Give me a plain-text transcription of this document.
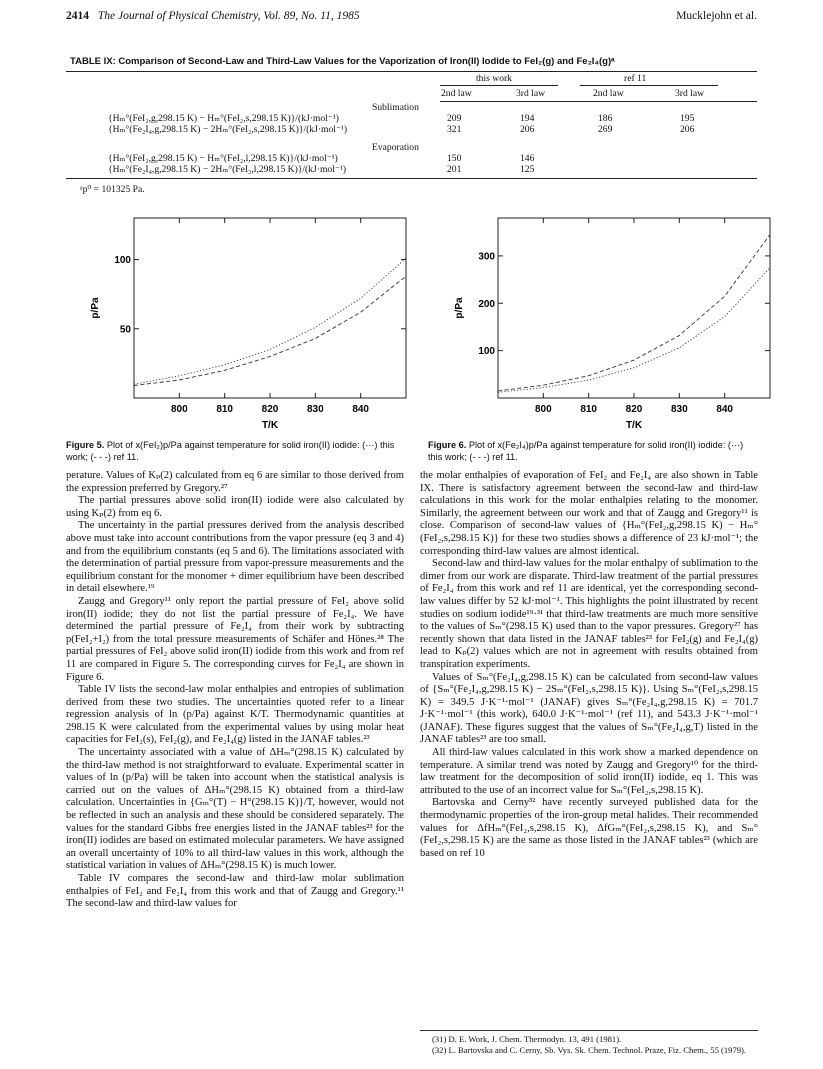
2414 The Journal of Physical Chemistry, Vol. 89, No. 11, 1985	Mucklejohn et al.
TABLE IX: Comparison of Second-Law and Third-Law Values for the Vaporization of Iron(II) Iodide to FeI₂(g) and Fe₂I₄(g)ᵃ
this work	ref 11
2nd law	3rd law	2nd law	3rd law
Sublimation
{Hₘ°(FeI₂,g,298.15 K) − Hₘ°(FeI₂,s,298.15 K)}/(kJ·mol⁻¹)	209	194	186	195
{Hₘ°(Fe₂I₄,g,298.15 K) − 2Hₘ°(FeI₂,s,298.15 K)}/(kJ·mol⁻¹)	321	206	269	206
Evaporation
{Hₘ°(FeI₂,g,298.15 K) − Hₘ°(FeI₂,l,298.15 K)}/(kJ·mol⁻¹)	150	146
{Hₘ°(Fe₂I₄,g,298.15 K) − 2Hₘ°(FeI₂,l,298.15 K)}/(kJ·mol⁻¹)	201	125
ᵃp⁰ = 101325 Pa.
800	810	820	830	840
50
100
p/Pa
T/K
Figure 5. Plot of x(FeI₂)p/Pa against temperature for solid iron(II) iodide: (···) this work; (- - -) ref 11.
800	810	820	830	840
100
200
300
p/Pa
T/K
Figure 6. Plot of x(Fe₂I₄)p/Pa against temperature for solid iron(II) iodide: (···) this work; (- - -) ref 11.

perature. Values of Kₚ(2) calculated from eq 6 are similar to those derived from the expression preferred by Gregory.²⁷

The partial pressures above solid iron(II) iodide were also calculated by using Kₚ(2) from eq 6.

The uncertainty in the partial pressures derived from the analysis described above must take into account contributions from the vapor pressure (eq 3 and 4) and from the equilibrium constants (eq 5 and 6). The limitations associated with the determination of partial pressure from vapor-pressure measurements and the equilibrium constant for the monomer + dimer equilibrium have been described in detail elsewhere.¹⁹

Zaugg and Gregory¹¹ only report the partial pressure of FeI₂ above solid iron(II) iodide; they do not list the partial pressure of Fe₂I₄. We have determined the partial pressure of Fe₂I₄ from their work by subtracting p(FeI₂+I₂) from the total pressure measurements of Schäfer and Hönes.²⁸ The partial pressures of FeI₂ above solid iron(II) iodide from this work and from ref 11 are compared in Figure 5. The corresponding curves for Fe₂I₄ are shown in Figure 6.

Table IV lists the second-law molar enthalpies and entropies of sublimation derived from these two studies. The uncertainties quoted refer to a linear regression analysis of ln (p/Pa) against K/T. Thermodynamic quantities at 298.15 K were calculated from the experimental values by using molar heat capacities for FeI₂(s), FeI₂(g), and Fe₂I₄(g) listed in the JANAF tables.²³

The uncertainty associated with a value of ΔHₘ°(298.15 K) calculated by the third-law method is not straightforward to evaluate. Experimental scatter in values of ln (p/Pa) will be taken into account when the statistical analysis is carried out on the values of ΔHₘ°(298.15 K) obtained from a third-law calculation. Uncertainties in {Gₘ°(T) − H°(298.15 K)}/T, however, would not be reflected in such an analysis and these should be considered separately. The values for the standard Gibbs free energies listed in the JANAF tables²³ for the iron(II) iodides are based on estimated molecular parameters. We have assigned an overall uncertainty of 10% to all third-law values in this work, although the statistical variation in values of ΔHₘ°(298.15 K) is much lower.

Table IV compares the second-law and third-law molar sublimation enthalpies of FeI₂ and Fe₂I₄ from this work and that of Zaugg and Gregory.¹¹ The second-law and third-law values for

the molar enthalpies of evaporation of FeI₂ and Fe₂I₄ are also shown in Table IX. There is satisfactory agreement between the second-law and third-law calculations in this work for the molar enthalpies relating to the monomer. Similarly, the agreement between our work and that of Zaugg and Gregory¹¹ is close. Comparison of second-law values of {Hₘ°(FeI₂,g,298.15 K) − Hₘ°(FeI₂,s,298.15 K)} for these two studies shows a difference of 23 kJ·mol⁻¹; the corresponding third-law values are almost identical.

Second-law and third-law values for the molar enthalpy of sublimation to the dimer from our work are disparate. Third-law treatment of the partial pressures of Fe₂I₄ from this work and ref 11 are identical, yet the corresponding second-law values differ by 52 kJ·mol⁻¹. This highlights the point illustrated by recent studies on sodium iodide¹⁹·³¹ that third-law treatments are much more sensitive to the values of Sₘ°(298.15 K) used than to the vapor pressures. Gregory²⁷ has recently shown that data listed in the JANAF tables²³ for FeI₂(g) and Fe₂I₄(g) lead to Kₚ(2) values which are not in agreement with results obtained from transpiration experiments.

Values of Sₘ°(Fe₂I₄,g,298.15 K) can be calculated from second-law values of {Sₘ°(Fe₂I₄,g,298.15 K) − 2Sₘ°(FeI₂,s,298.15 K)}. Using Sₘ°(FeI₂,s,298.15 K) = 349.5 J·K⁻¹·mol⁻¹ (JANAF) gives Sₘ°(Fe₂I₄,g,298.15 K) = 701.7 J·K⁻¹·mol⁻¹ (this work), 640.0 J·K⁻¹·mol⁻¹ (ref 11), and 543.3 J·K⁻¹·mol⁻¹ (JANAF). These figures suggest that the values of Sₘ°(Fe₂I₄,g,T) listed in the JANAF tables²³ are too small.

All third-law values calculated in this work show a marked dependence on temperature. A similar trend was noted by Zaugg and Gregory¹⁰ for the third-law treatment for the decomposition of solid iron(II) iodide, eq 1. This was attributed to the use of an incorrect value for Sₘ°(FeI₂,s,298.15 K).

Bartovska and Cerny³² have recently surveyed published data for the thermodynamic properties of the iron-group metal halides. Their recommended values for ΔfHₘ°(FeI₂,s,298.15 K), ΔfGₘ°(FeI₂,s,298.15 K), and Sₘ°(FeI₂,s,298.15 K) are the same as those listed in the JANAF tables²³ (which are based on ref 10

(31) D. E. Work, J. Chem. Thermodyn. 13, 491 (1981).

(32) L. Bartovska and C. Cerny, Sb. Vys. Sk. Chem. Technol. Praze, Fiz. Chem., 55 (1979).
